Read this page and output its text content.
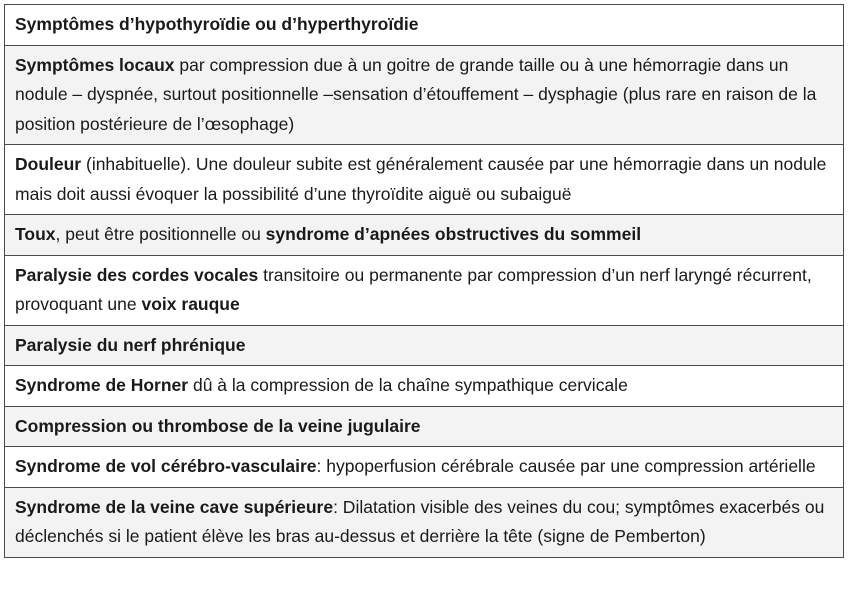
Symptômes d’hypothyroïdie ou d’hyperthyroïdie
Symptômes locaux par compression due à un goitre de grande taille ou à une hémorragie dans un nodule – dyspnée, surtout positionnelle –sensation d’étouffement – dysphagie (plus rare en raison de la position postérieure de l’œsophage)
Douleur (inhabituelle). Une douleur subite est généralement causée par une hémorragie dans un nodule mais doit aussi évoquer la possibilité d’une thyroïdite aiguë ou subaiguë
Toux, peut être positionnelle ou syndrome d’apnées obstructives du sommeil
Paralysie des cordes vocales transitoire ou permanente par compression d’un nerf laryngé récurrent, provoquant une voix rauque
Paralysie du nerf phrénique
Syndrome de Horner dû à la compression de la chaîne sympathique cervicale
Compression ou thrombose de la veine jugulaire
Syndrome de vol cérébro-vasculaire: hypoperfusion cérébrale causée par une compression artérielle
Syndrome de la veine cave supérieure: Dilatation visible des veines du cou; symptômes exacerbés ou déclenchés si le patient élève les bras au-dessus et derrière la tête (signe de Pemberton)
